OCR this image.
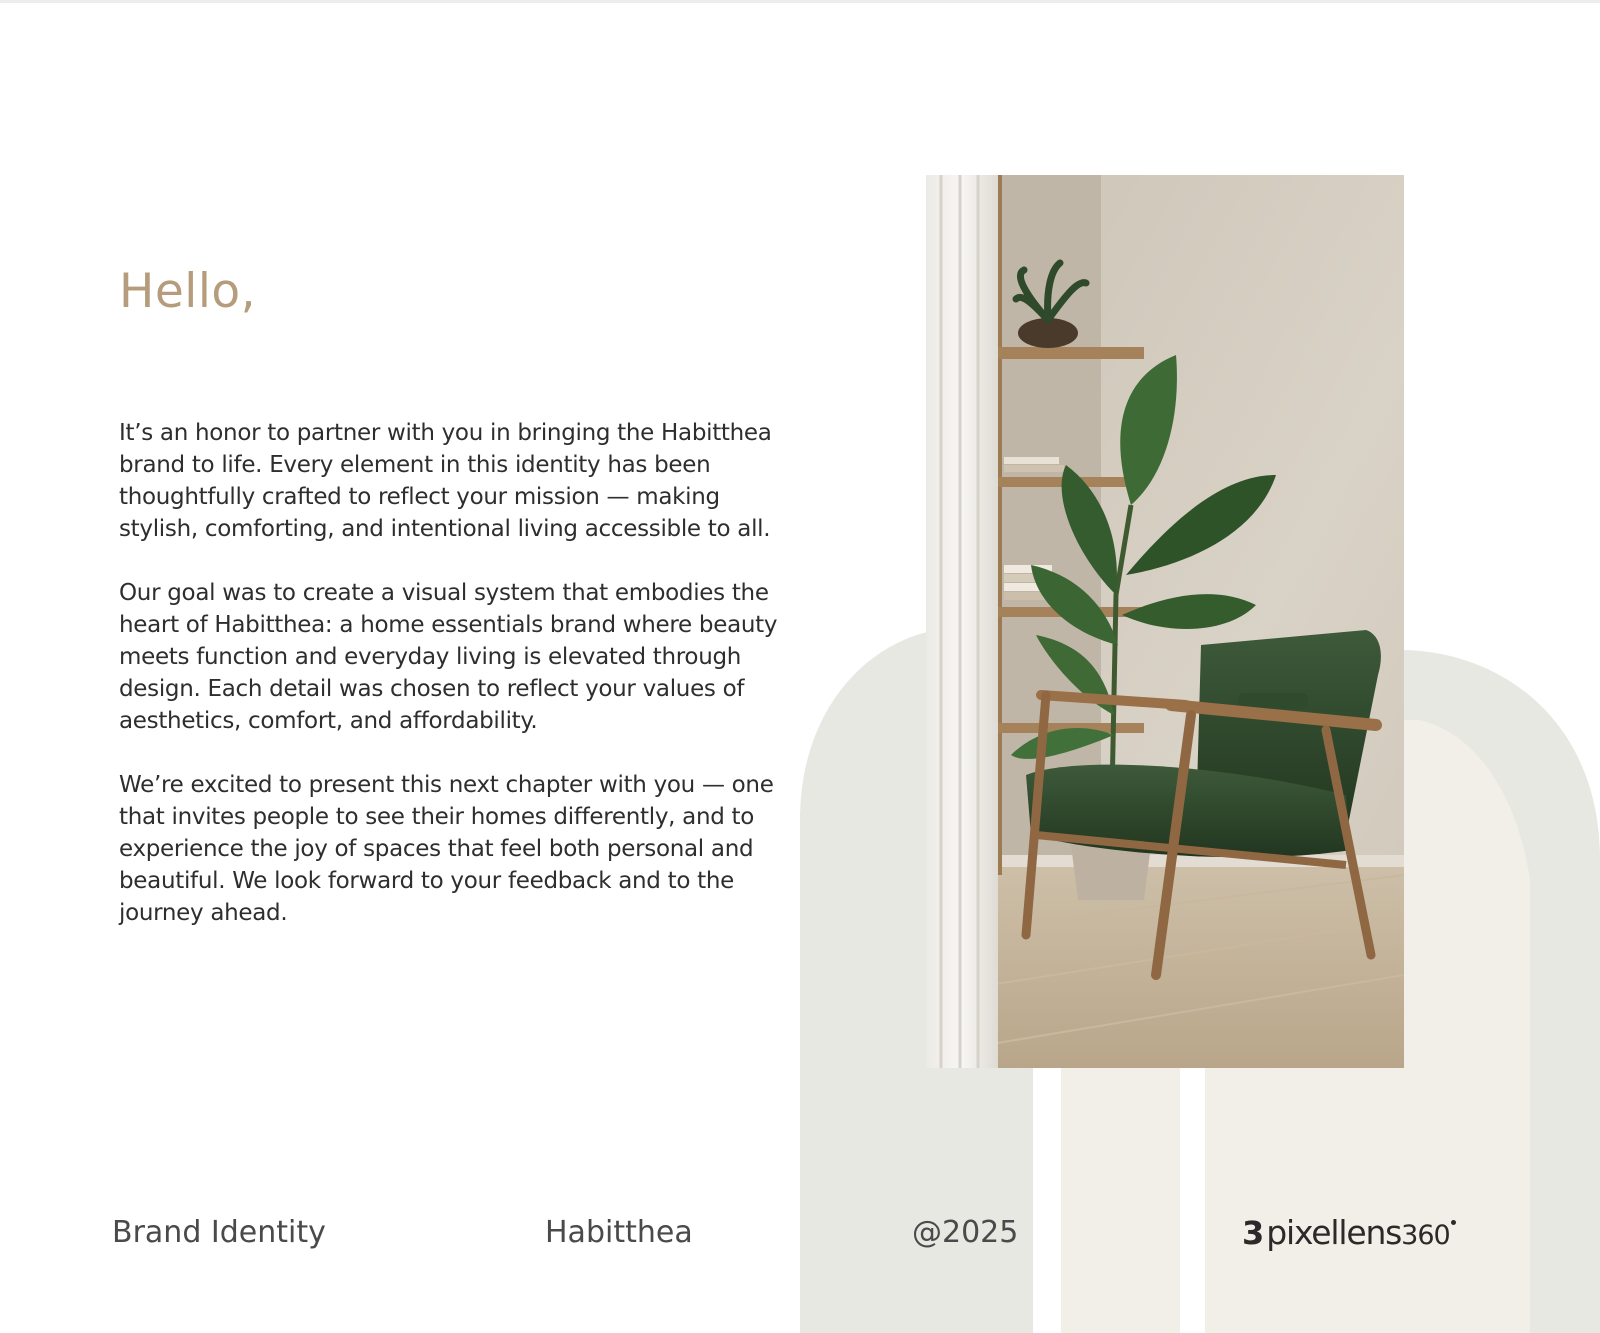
Hello,

It’s an honor to partner with you in bringing the Habitthea brand to life. Every element in this identity has been thoughtfully crafted to reflect your mission — making stylish, comforting, and intentional living accessible to all.

Our goal was to create a visual system that embodies the heart of Habitthea: a home essentials brand where beauty meets function and everyday living is elevated through design. Each detail was chosen to reflect your values of aesthetics, comfort, and affordability.

We’re excited to present this next chapter with you — one that invites people to see their homes differently, and to experience the joy of spaces that feel both personal and beautiful. We look forward to your feedback and to the journey ahead.

Brand Identity	Habitthea	@2025	3 pixellens 360
